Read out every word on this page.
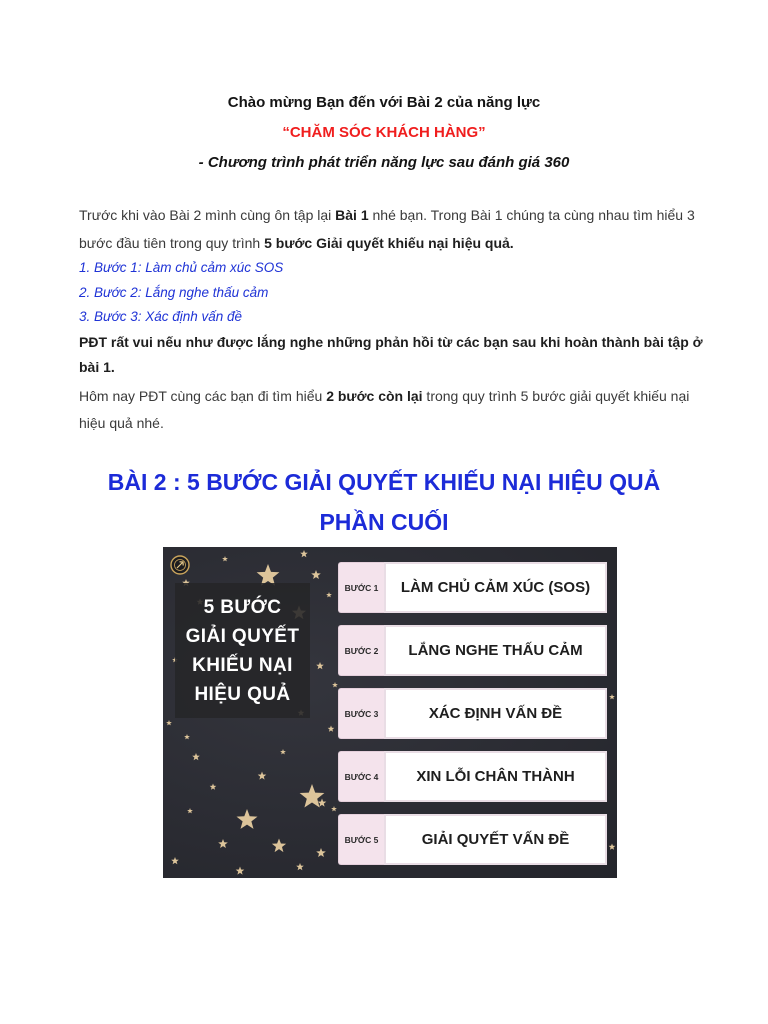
Chào mừng Bạn đến với Bài 2 của năng lực
“CHĂM SÓC KHÁCH HÀNG”
- Chương trình phát triển năng lực sau đánh giá 360

Trước khi vào Bài 2 mình cùng ôn tập lại Bài 1 nhé bạn. Trong Bài 1 chúng ta cùng nhau tìm hiểu 3 bước đầu tiên trong quy trình 5 bước Giải quyết khiếu nại hiệu quả.

1. Bước 1: Làm chủ cảm xúc SOS
2. Bước 2: Lắng nghe thấu cảm
3. Bước 3: Xác định vấn đề

PĐT rất vui nếu như được lắng nghe những phản hồi từ các bạn sau khi hoàn thành bài tập ở bài 1.

Hôm nay PĐT cùng các bạn đi tìm hiểu 2 bước còn lại trong quy trình 5 bước giải quyết khiếu nại hiệu quả nhé.

BÀI 2 : 5 BƯỚC GIẢI QUYẾT KHIẾU NẠI HIỆU QUẢ
PHẦN CUỐI
5 BƯỚC
GIẢI QUYẾT
KHIẾU NẠI
HIỆU QUẢ
BƯỚC 1	LÀM CHỦ CẢM XÚC (SOS)
BƯỚC 2	LẮNG NGHE THẤU CẢM
BƯỚC 3	XÁC ĐỊNH VẤN ĐỀ
BƯỚC 4	XIN LỖI CHÂN THÀNH
BƯỚC 5	GIẢI QUYẾT VẤN ĐỀ
